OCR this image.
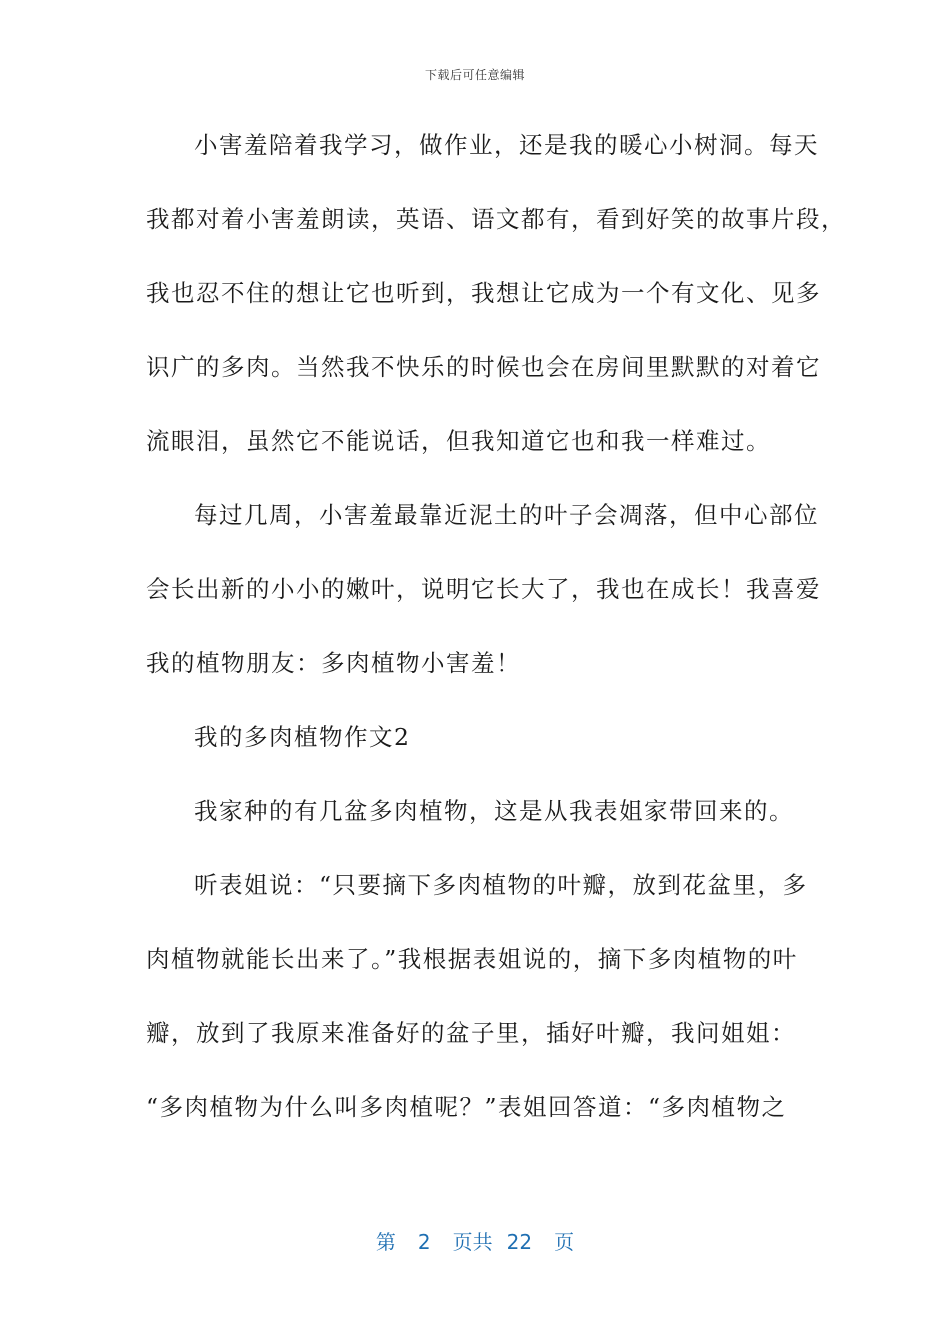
下载后可任意编辑
小害羞陪着我学习，做作业，还是我的暖心小树洞。每天
我都对着小害羞朗读，英语、语文都有，看到好笑的故事片段，
我也忍不住的想让它也听到，我想让它成为一个有文化、见多
识广的多肉。当然我不快乐的时候也会在房间里默默的对着它
流眼泪，虽然它不能说话，但我知道它也和我一样难过。
每过几周，小害羞最靠近泥土的叶子会凋落，但中心部位
会长出新的小小的嫩叶，说明它长大了，我也在成长！我喜爱
我的植物朋友：多肉植物小害羞！
我的多肉植物作文2
我家种的有几盆多肉植物，这是从我表姐家带回来的。
听表姐说：“只要摘下多肉植物的叶瓣，放到花盆里，多
肉植物就能长出来了。”我根据表姐说的，摘下多肉植物的叶
瓣，放到了我原来准备好的盆子里，插好叶瓣，我问姐姐：
“多肉植物为什么叫多肉植呢？”表姐回答道：“多肉植物之
第 2 页共 22 页
